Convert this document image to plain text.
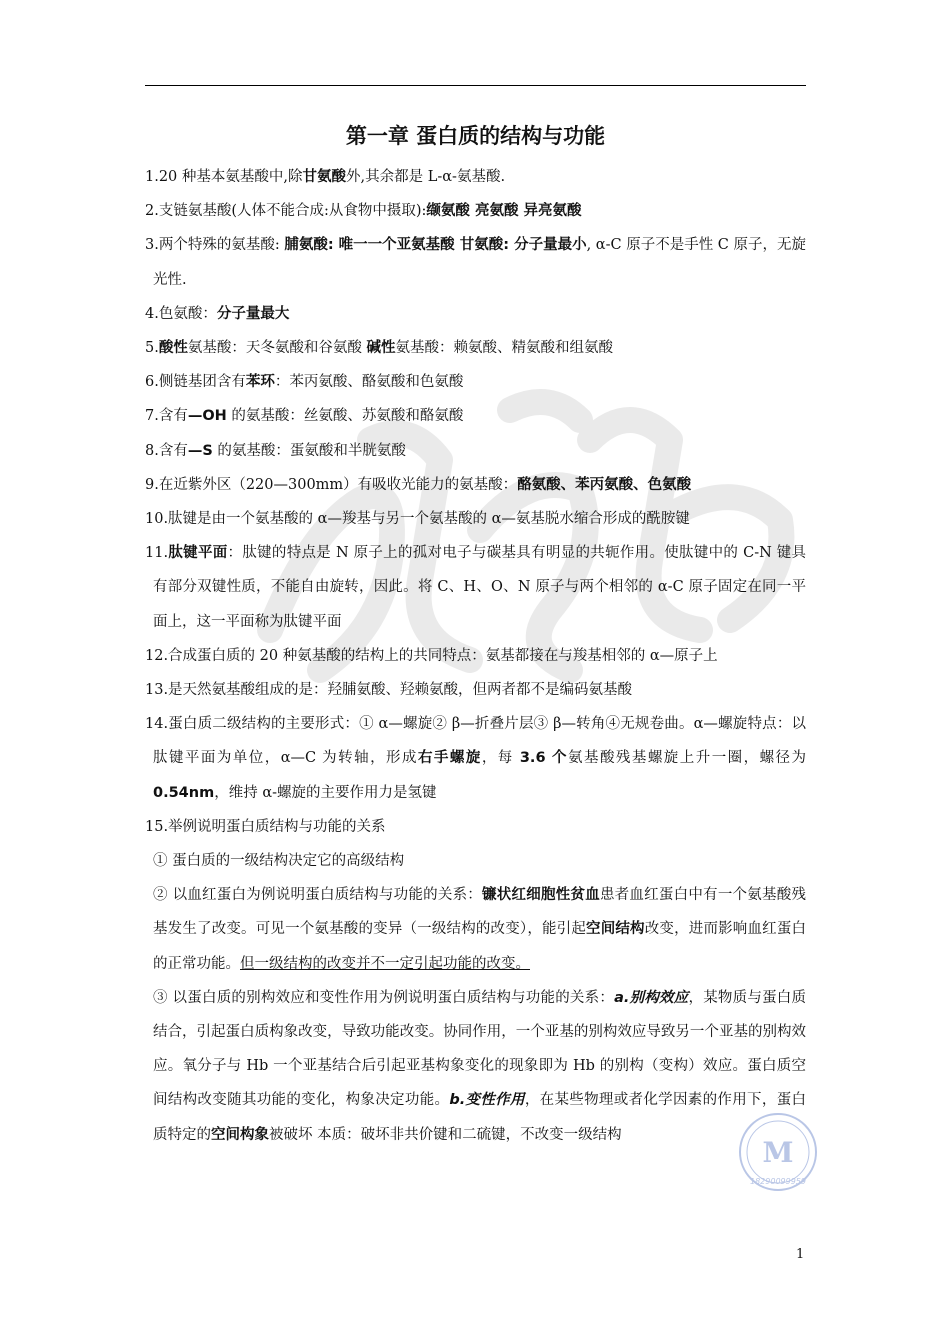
M
18290099959
第一章 蛋白质的结构与功能

1.20 种基本氨基酸中,除甘氨酸外,其余都是 L-α-氨基酸.

2.支链氨基酸(人体不能合成:从食物中摄取):缬氨酸 亮氨酸 异亮氨酸

3.两个特殊的氨基酸: 脯氨酸: 唯一一个亚氨基酸 甘氨酸: 分子量最小, α-C 原子不是手性 C 原子，无旋光性.

4.色氨酸：分子量最大

5.酸性氨基酸：天冬氨酸和谷氨酸 碱性氨基酸：赖氨酸、精氨酸和组氨酸

6.侧链基团含有苯环：苯丙氨酸、酪氨酸和色氨酸

7.含有—OH 的氨基酸：丝氨酸、苏氨酸和酪氨酸

8.含有—S 的氨基酸：蛋氨酸和半胱氨酸

9.在近紫外区（220—300mm）有吸收光能力的氨基酸：酪氨酸、苯丙氨酸、色氨酸

10.肽键是由一个氨基酸的 α—羧基与另一个氨基酸的 α—氨基脱水缩合形成的酰胺键

11.肽键平面：肽键的特点是 N 原子上的孤对电子与碳基具有明显的共轭作用。使肽键中的 C-N 键具有部分双键性质，不能自由旋转，因此。将 C、H、O、N 原子与两个相邻的 α-C 原子固定在同一平面上，这一平面称为肽键平面

12.合成蛋白质的 20 种氨基酸的结构上的共同特点：氨基都接在与羧基相邻的 α—原子上

13.是天然氨基酸组成的是：羟脯氨酸、羟赖氨酸，但两者都不是编码氨基酸

14.蛋白质二级结构的主要形式：① α—螺旋② β—折叠片层③ β—转角④无规卷曲。α—螺旋特点：以肽键平面为单位，α—C 为转轴，形成右手螺旋，每 3.6 个氨基酸残基螺旋上升一圈，螺径为 0.54nm，维持 α-螺旋的主要作用力是氢键

15.举例说明蛋白质结构与功能的关系

① 蛋白质的一级结构决定它的高级结构

② 以血红蛋白为例说明蛋白质结构与功能的关系：镰状红细胞性贫血患者血红蛋白中有一个氨基酸残基发生了改变。可见一个氨基酸的变异（一级结构的改变），能引起空间结构改变，进而影响血红蛋白的正常功能。但一级结构的改变并不一定引起功能的改变。

③ 以蛋白质的别构效应和变性作用为例说明蛋白质结构与功能的关系：a.别构效应，某物质与蛋白质结合，引起蛋白质构象改变，导致功能改变。协同作用，一个亚基的别构效应导致另一个亚基的别构效应。氧分子与 Hb 一个亚基结合后引起亚基构象变化的现象即为 Hb 的别构（变构）效应。蛋白质空间结构改变随其功能的变化，构象决定功能。b.变性作用，在某些物理或者化学因素的作用下，蛋白质特定的空间构象被破坏 本质：破坏非共价键和二硫键，不改变一级结构

1
